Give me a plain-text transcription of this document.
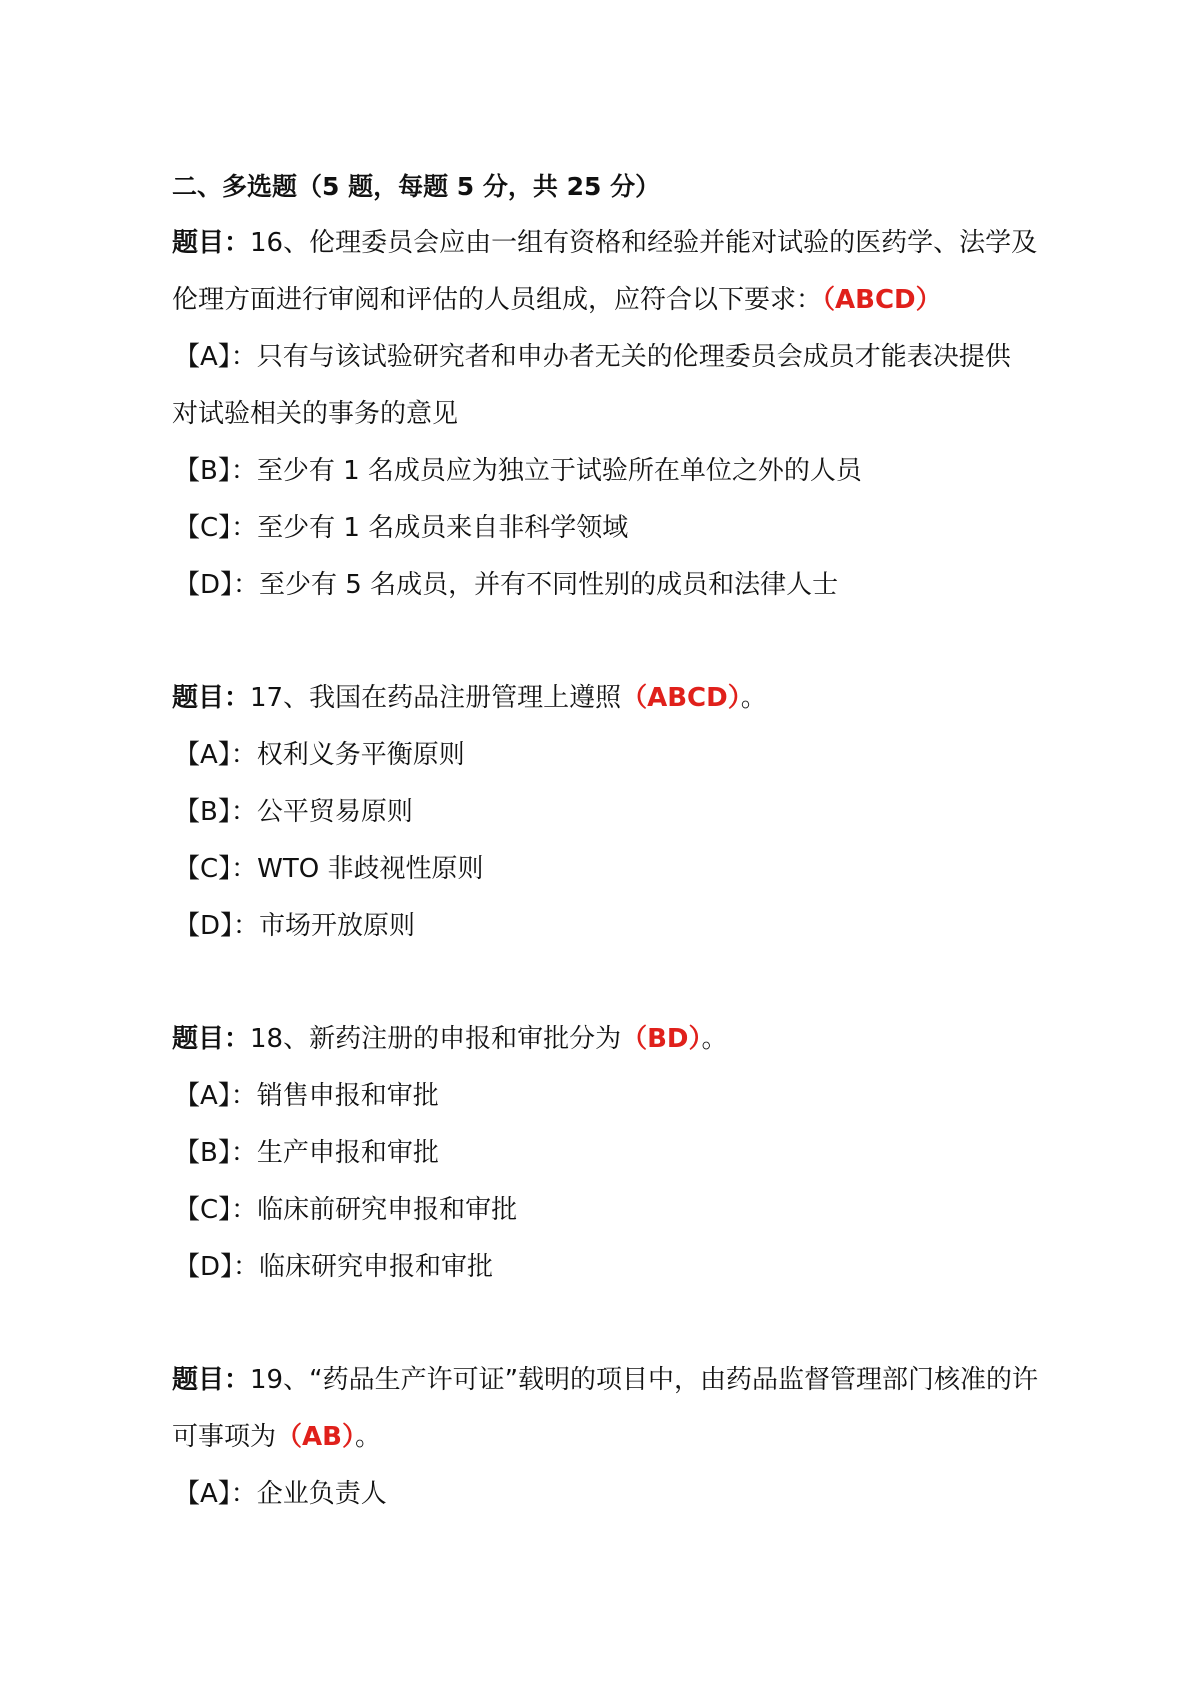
二、多选题（5 题，每题 5 分，共 25 分）
题目：16、伦理委员会应由一组有资格和经验并能对试验的医药学、法学及
伦理方面进行审阅和评估的人员组成，应符合以下要求：（ABCD）
【A】：只有与该试验研究者和申办者无关的伦理委员会成员才能表决提供
对试验相关的事务的意见
【B】：至少有 1 名成员应为独立于试验所在单位之外的人员
【C】：至少有 1 名成员来自非科学领域
【D】：至少有 5 名成员，并有不同性别的成员和法律人士
题目：17、我国在药品注册管理上遵照（ABCD）。
【A】：权利义务平衡原则
【B】：公平贸易原则
【C】：WTO 非歧视性原则
【D】：市场开放原则
题目：18、新药注册的申报和审批分为（BD）。
【A】：销售申报和审批
【B】：生产申报和审批
【C】：临床前研究申报和审批
【D】：临床研究申报和审批
题目：19、“药品生产许可证”载明的项目中，由药品监督管理部门核准的许
可事项为（AB）。
【A】：企业负责人
